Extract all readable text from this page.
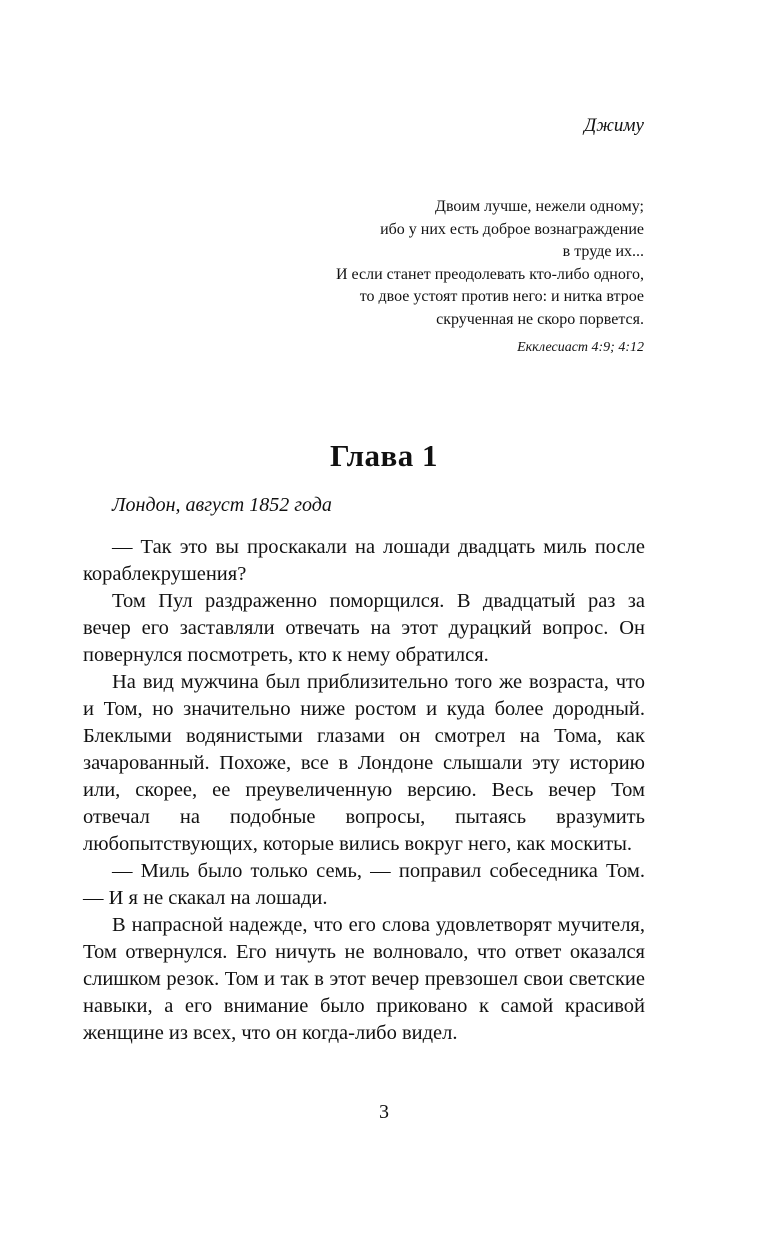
Джиму

Двоим лучше, нежели одному;
ибо у них есть доброе вознаграждение
в труде их...
И если станет преодолевать кто-либо одного,
то двое устоят против него: и нитка втрое
скрученная не скоро порвется.
Екклесиаст 4:9; 4:12
Глава 1

Лондон, август 1852 года

— Так это вы проскакали на лошади двадцать миль после кораблекрушения?

Том Пул раздраженно поморщился. В двадцатый раз за вечер его заставляли отвечать на этот дурацкий вопрос. Он повернулся посмотреть, кто к нему обратился.

На вид мужчина был приблизительно того же возраста, что и Том, но значительно ниже ростом и куда более дородный. Блеклыми водянистыми глазами он смотрел на Тома, как зачарованный. Похоже, все в Лондоне слышали эту историю или, скорее, ее преувеличенную версию. Весь вечер Том отвечал на подобные вопросы, пытаясь вразумить любопытствующих, которые вились вокруг него, как москиты.

— Миль было только семь, — поправил собеседника Том. — И я не скакал на лошади.

В напрасной надежде, что его слова удовлетворят мучителя, Том отвернулся. Его ничуть не волновало, что ответ оказался слишком резок. Том и так в этот вечер превзошел свои светские навыки, а его внимание было приковано к самой красивой женщине из всех, что он когда-либо видел.

3
